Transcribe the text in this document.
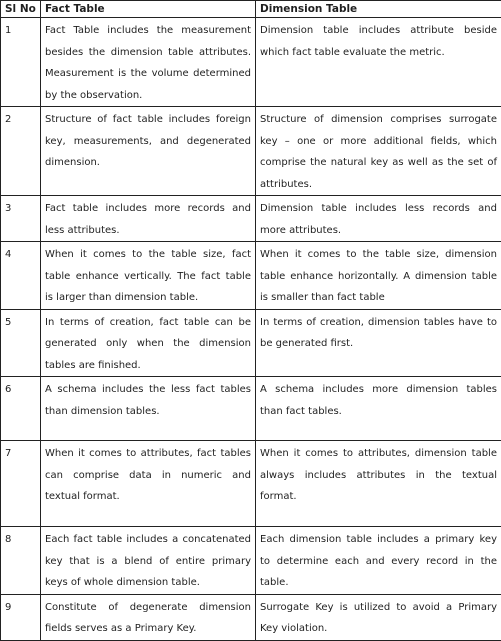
Sl No	Fact Table	Dimension Table
1	Fact Table includes the measurement besides the dimension table attributes. Measurement is the volume determined by the observation.	Dimension table includes attribute beside which fact table evaluate the metric.
2	Structure of fact table includes foreign key, measurements, and degenerated dimension.	Structure of dimension comprises surrogate key – one or more additional fields, which comprise the natural key as well as the set of attributes.
3	Fact table includes more records and less attributes.	Dimension table includes less records and more attributes.
4	When it comes to the table size, fact table enhance vertically. The fact table is larger than dimension table.	When it comes to the table size, dimension table enhance horizontally. A dimension table is smaller than fact table
5	In terms of creation, fact table can be generated only when the dimension tables are finished.	In terms of creation, dimension tables have to be generated first.
6	A schema includes the less fact tables than dimension tables.	A schema includes more dimension tables than fact tables.
7	When it comes to attributes, fact tables can comprise data in numeric and textual format.	When it comes to attributes, dimension table always includes attributes in the textual format.
8	Each fact table includes a concatenated key that is a blend of entire primary keys of whole dimension table.	Each dimension table includes a primary key to determine each and every record in the table.
9	Constitute of degenerate dimension fields serves as a Primary Key.	Surrogate Key is utilized to avoid a Primary Key violation.
